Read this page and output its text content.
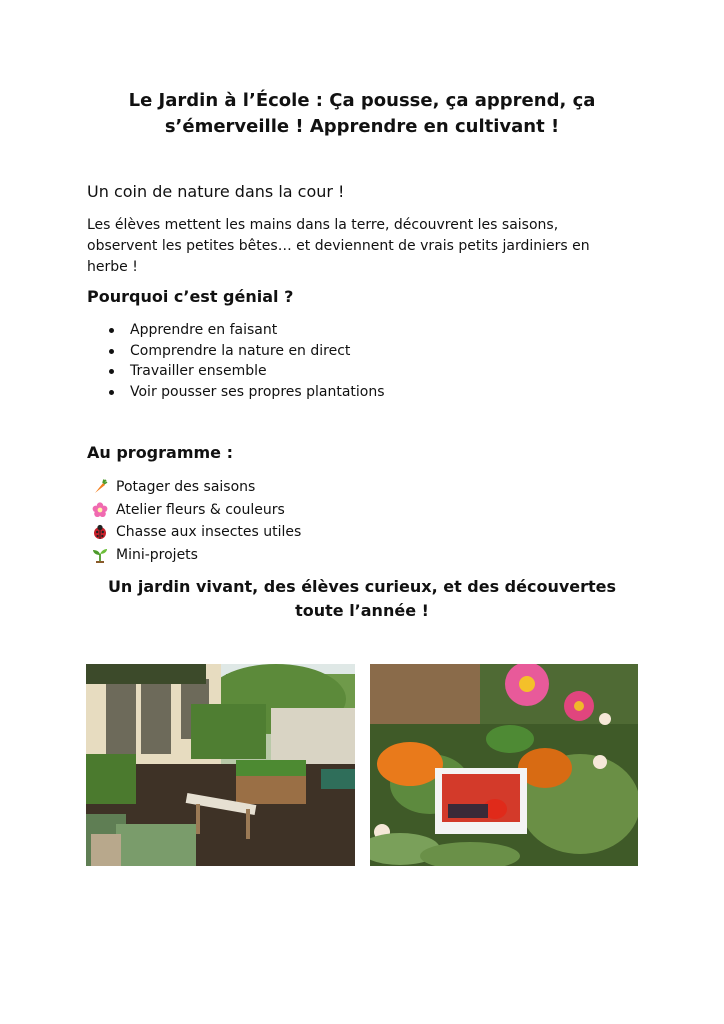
Le Jardin à l’École : Ça pousse, ça apprend, ça s’émerveille ! Apprendre en cultivant !
Un coin de nature dans la cour !
Les élèves mettent les mains dans la terre, découvrent les saisons, observent les petites bêtes… et deviennent de vrais petits jardiniers en herbe !
Pourquoi c’est génial ?
Apprendre en faisant
Comprendre la nature en direct
Travailler ensemble
Voir pousser ses propres plantations
Au programme :
Potager des saisons
Atelier fleurs & couleurs
Chasse aux insectes utiles
Mini-projets
Un jardin vivant, des élèves curieux, et des découvertes toute l’année !
